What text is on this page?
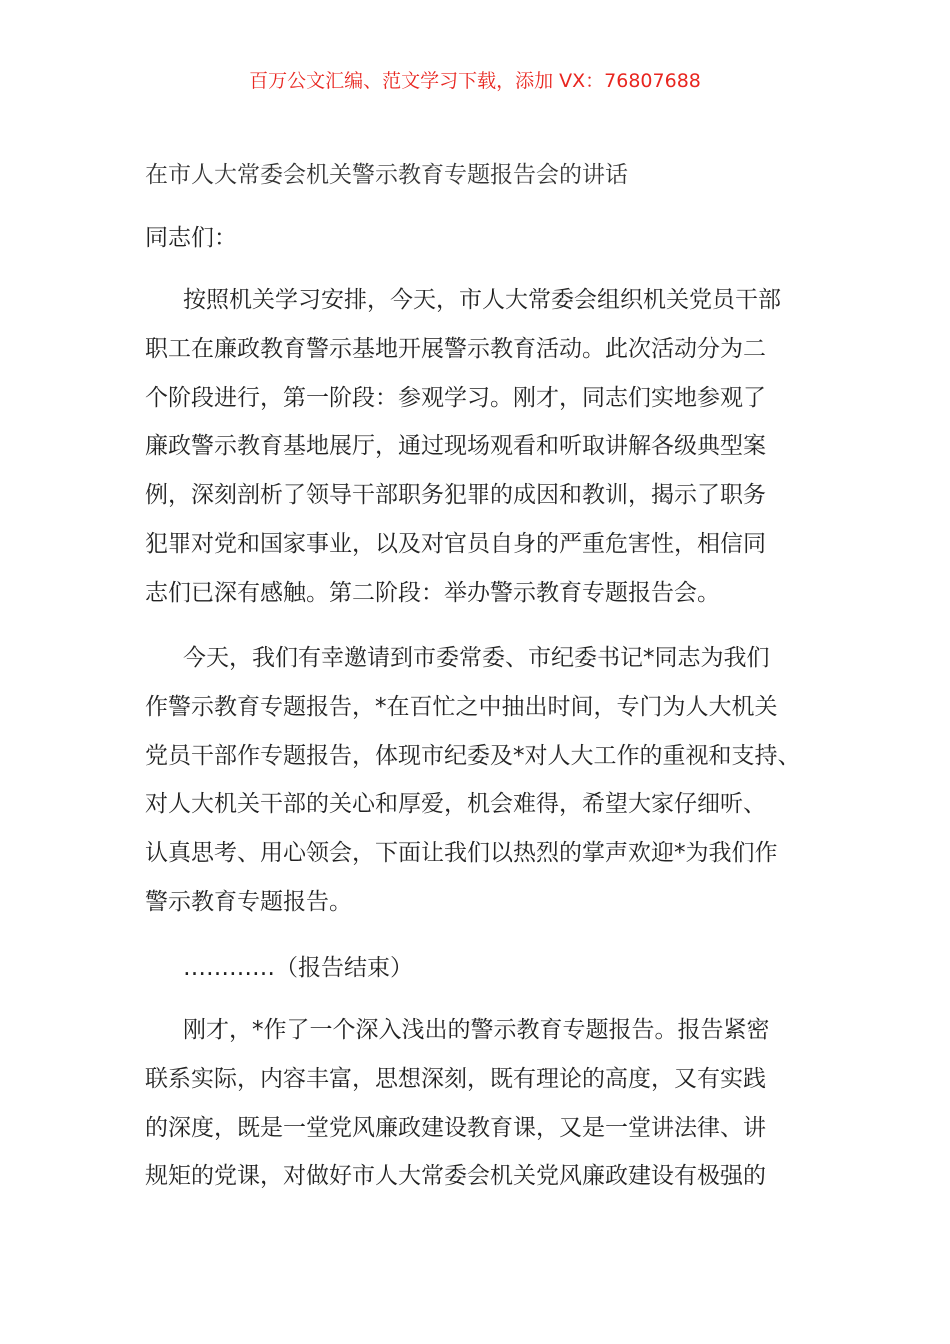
百万公文汇编、范文学习下载，添加 VX：76807688
在市人大常委会机关警示教育专题报告会的讲话
同志们：
按照机关学习安排，今天，市人大常委会组织机关党员干部
职工在廉政教育警示基地开展警示教育活动。此次活动分为二
个阶段进行，第一阶段：参观学习。刚才，同志们实地参观了
廉政警示教育基地展厅，通过现场观看和听取讲解各级典型案
例，深刻剖析了领导干部职务犯罪的成因和教训，揭示了职务
犯罪对党和国家事业，以及对官员自身的严重危害性，相信同
志们已深有感触。第二阶段：举办警示教育专题报告会。
今天，我们有幸邀请到市委常委、市纪委书记*同志为我们
作警示教育专题报告，*在百忙之中抽出时间，专门为人大机关
党员干部作专题报告，体现市纪委及*对人大工作的重视和支持、
对人大机关干部的关心和厚爱，机会难得，希望大家仔细听、
认真思考、用心领会，下面让我们以热烈的掌声欢迎*为我们作
警示教育专题报告。
…………（报告结束）
刚才，*作了一个深入浅出的警示教育专题报告。报告紧密
联系实际，内容丰富，思想深刻，既有理论的高度，又有实践
的深度，既是一堂党风廉政建设教育课，又是一堂讲法律、讲
规矩的党课，对做好市人大常委会机关党风廉政建设有极强的
